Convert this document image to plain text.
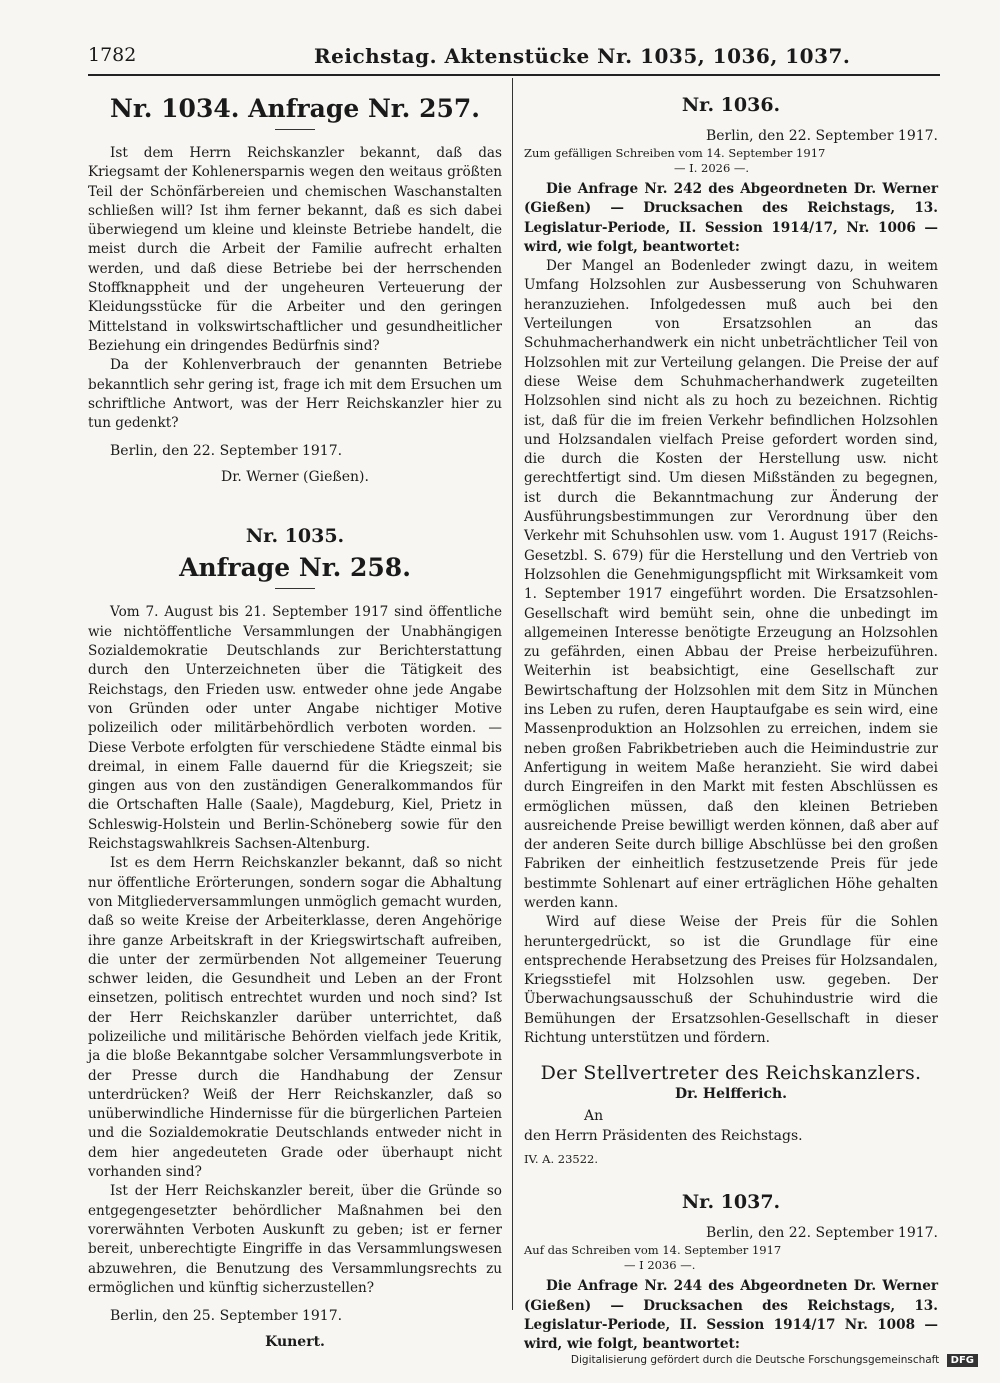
1782	Reichstag. Aktenstücke Nr. 1035, 1036, 1037.
Nr. 1034. Anfrage Nr. 257.

Ist dem Herrn Reichskanzler bekannt, daß das Kriegsamt der Kohlenersparnis wegen den weitaus größten Teil der Schönfärbereien und chemischen Waschanstalten schließen will? Ist ihm ferner bekannt, daß es sich dabei überwiegend um kleine und kleinste Betriebe handelt, die meist durch die Arbeit der Familie aufrecht erhalten werden, und daß diese Betriebe bei der herrschenden Stoffknappheit und der ungeheuren Verteuerung der Kleidungsstücke für die Arbeiter und den geringen Mittelstand in volkswirtschaftlicher und gesundheitlicher Beziehung ein dringendes Bedürfnis sind?

Da der Kohlenverbrauch der genannten Betriebe bekanntlich sehr gering ist, frage ich mit dem Ersuchen um schriftliche Antwort, was der Herr Reichskanzler hier zu tun gedenkt?

Berlin, den 22. September 1917.

Dr. Werner (Gießen).
Nr. 1035.
Anfrage Nr. 258.

Vom 7. August bis 21. September 1917 sind öffentliche wie nichtöffentliche Versammlungen der Unabhängigen Sozialdemokratie Deutschlands zur Berichterstattung durch den Unterzeichneten über die Tätigkeit des Reichstags, den Frieden usw. entweder ohne jede Angabe von Gründen oder unter Angabe nichtiger Motive polizeilich oder militärbehördlich verboten worden. — Diese Verbote erfolgten für verschiedene Städte einmal bis dreimal, in einem Falle dauernd für die Kriegszeit; sie gingen aus von den zuständigen Generalkommandos für die Ortschaften Halle (Saale), Magdeburg, Kiel, Prietz in Schleswig-Holstein und Berlin-Schöneberg sowie für den Reichstagswahlkreis Sachsen-Altenburg.

Ist es dem Herrn Reichskanzler bekannt, daß so nicht nur öffentliche Erörterungen, sondern sogar die Abhaltung von Mitgliederversammlungen unmöglich gemacht wurden, daß so weite Kreise der Arbeiterklasse, deren Angehörige ihre ganze Arbeitskraft in der Kriegswirtschaft aufreiben, die unter der zermürbenden Not allgemeiner Teuerung schwer leiden, die Gesundheit und Leben an der Front einsetzen, politisch entrechtet wurden und noch sind? Ist der Herr Reichskanzler darüber unterrichtet, daß polizeiliche und militärische Behörden vielfach jede Kritik, ja die bloße Bekanntgabe solcher Versammlungsverbote in der Presse durch die Handhabung der Zensur unterdrücken? Weiß der Herr Reichskanzler, daß so unüberwindliche Hindernisse für die bürgerlichen Parteien und die Sozialdemokratie Deutschlands entweder nicht in dem hier angedeuteten Grade oder überhaupt nicht vorhanden sind?

Ist der Herr Reichskanzler bereit, über die Gründe so entgegengesetzter behördlicher Maßnahmen bei den vorerwähnten Verboten Auskunft zu geben; ist er ferner bereit, unberechtigte Eingriffe in das Versammlungswesen abzuwehren, die Benutzung des Versammlungsrechts zu ermöglichen und künftig sicherzustellen?

Berlin, den 25. September 1917.

Kunert.
Nr. 1036.
Berlin, den 22. September 1917.
Zum gefälligen Schreiben vom 14. September 1917
— I. 2026 —.

Die Anfrage Nr. 242 des Abgeordneten Dr. Werner (Gießen) — Drucksachen des Reichstags, 13. Legislatur-Periode, II. Session 1914/17, Nr. 1006 — wird, wie folgt, beantwortet:

Der Mangel an Bodenleder zwingt dazu, in weitem Umfang Holzsohlen zur Ausbesserung von Schuhwaren heranzuziehen. Infolgedessen muß auch bei den Verteilungen von Ersatzsohlen an das Schuhmacherhandwerk ein nicht unbeträchtlicher Teil von Holzsohlen mit zur Verteilung gelangen. Die Preise der auf diese Weise dem Schuhmacherhandwerk zugeteilten Holzsohlen sind nicht als zu hoch zu bezeichnen. Richtig ist, daß für die im freien Verkehr befindlichen Holzsohlen und Holzsandalen vielfach Preise gefordert worden sind, die durch die Kosten der Herstellung usw. nicht gerechtfertigt sind. Um diesen Mißständen zu begegnen, ist durch die Bekanntmachung zur Änderung der Ausführungsbestimmungen zur Verordnung über den Verkehr mit Schuhsohlen usw. vom 1. August 1917 (Reichs-Gesetzbl. S. 679) für die Herstellung und den Vertrieb von Holzsohlen die Genehmigungspflicht mit Wirksamkeit vom 1. September 1917 eingeführt worden. Die Ersatzsohlen-Gesellschaft wird bemüht sein, ohne die unbedingt im allgemeinen Interesse benötigte Erzeugung an Holzsohlen zu gefährden, einen Abbau der Preise herbeizuführen. Weiterhin ist beabsichtigt, eine Gesellschaft zur Bewirtschaftung der Holzsohlen mit dem Sitz in München ins Leben zu rufen, deren Hauptaufgabe es sein wird, eine Massenproduktion an Holzsohlen zu erreichen, indem sie neben großen Fabrikbetrieben auch die Heimindustrie zur Anfertigung in weitem Maße heranzieht. Sie wird dabei durch Eingreifen in den Markt mit festen Abschlüssen es ermöglichen müssen, daß den kleinen Betrieben ausreichende Preise bewilligt werden können, daß aber auf der anderen Seite durch billige Abschlüsse bei den großen Fabriken der einheitlich festzusetzende Preis für jede bestimmte Sohlenart auf einer erträglichen Höhe gehalten werden kann.

Wird auf diese Weise der Preis für die Sohlen heruntergedrückt, so ist die Grundlage für eine entsprechende Herabsetzung des Preises für Holzsandalen, Kriegsstiefel mit Holzsohlen usw. gegeben. Der Überwachungsausschuß der Schuhindustrie wird die Bemühungen der Ersatzsohlen-Gesellschaft in dieser Richtung unterstützen und fördern.

Der Stellvertreter des Reichskanzlers.
Dr. Helfferich.
An
den Herrn Präsidenten des Reichstags.
IV. A. 23522.
Nr. 1037.
Berlin, den 22. September 1917.
Auf das Schreiben vom 14. September 1917
— I 2036 —.

Die Anfrage Nr. 244 des Abgeordneten Dr. Werner (Gießen) — Drucksachen des Reichstags, 13. Legislatur-Periode, II. Session 1914/17 Nr. 1008 — wird, wie folgt, beantwortet:

Digitalisierung gefördert durch die Deutsche Forschungsgemeinschaft DFG
